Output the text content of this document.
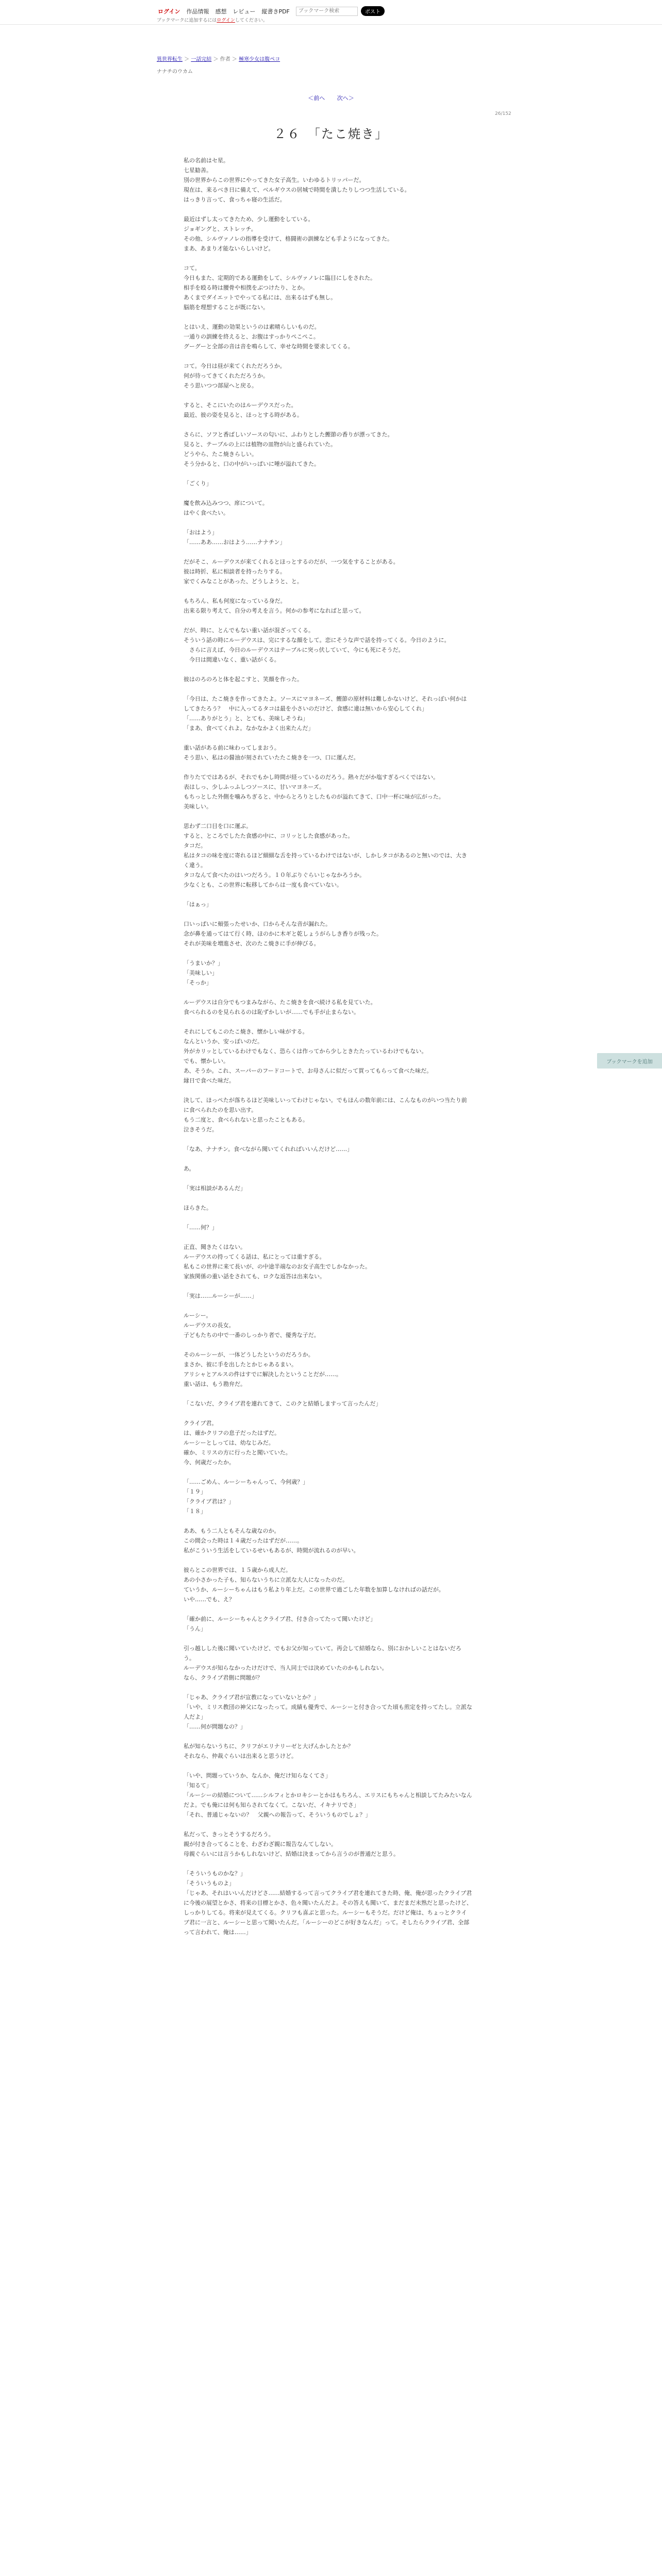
ログイン	作品情報	感想	レビュー	縦書きPDF
ブックマーク検索	ポスト
ブックマークに追加するにはログインしてください。
異世界転生 ＞ 一話完結 ＞ 作者 ＞ 極寒少女は腹ペコ
ナナチのウカム
＜前へ 次へ＞
26/152
２６　「たこ焼き」

私の名前はセ星。

七星勧善。

別の世界からこの世界にやってきた女子高生。いわゆるトリッパーだ。

現在は、来るべき日に備えて、ベルギウスの居城で時間を潰したりしつつ生活している。

はっきり言って、食っちゃ寝の生活だ。

最近はずし太ってきたため、少し運動をしている。

ジョギングと、ストレッチ。

その他、シルヴァノレの指導を受けて、格闘術の訓練なども手ようになってきた。

まあ、あまり才能ないらしいけど。

コて。

今日もまた、定期的である運動をして、シルヴァノレに臨目にしをされた。

相手を殴る時は腰骨や相撲をぶつけたり、とか。

あくまでダイエットでやってる私には、出来るはずも無し。

脳筋を理想することが既にない。

とはいえ、運動の効果というのは素晴らしいものだ。

一通りの訓練を終えると、お腹はすっかりぺこぺこ。

グーグーと全部の音は音を鳴らして、幸せな時間を要求してくる。

コて。今日は昼が来てくれただろうか。

何が待ってきてくれただろうか。

そう思いつつ部屋へと戻る。

すると、そこにいたのはルーデウスだった。

最近、彼の姿を見ると、ほっとする時がある。

さらに、ソフと香ばしいソースの匂いに、ふわりとした鰹節の香りが漂ってきた。

見ると、テーブルの上には植物の皿物が山と盛られていた。

どうやら、たこ焼きらしい。

そう分かると、口の中がいっぱいに唾が溢れてきた。

「ごくり」

魔を飲み込みつつ、席について。

はやく食べたい。

「おはよう」

「……ああ……おはよう……ナナチン」

だがそこ、ルーデウスが来てくれるとほっとするのだが、一つ気をすることがある。

彼は時折、私に相談者を持ったりする。

家でくみなことがあった、どうしようと、と。

もちろん、私も何度になっている身だ。

出来る限り考えて、自分の考えを言う。何かの参考になればと思って。

だが、時に、とんでもない重い話が混ざってくる。

そういう話の時にルーデウスは、完にするな顔をして。恋にそうな声で話を持ってくる。今日のように。

　さらに言えば、今日のルーデウスはテーブルに突っ伏していて、今にも死にそうだ。

　今日は間違いなく、重い話がくる。

彼はのろのろと体を起こすと、笑顔を作った。

「今日は、たこ焼きを作ってきたよ。ソースにマヨネーズ、鰹節の原材料は難しかないけど、それっぽい何かはしてきたろう？　中に入ってるタコは最を小さいのだけど、食感に違は無いから安心してくれ」

「……ありがとう」と、とても、美味しそうね」

「まあ、食べてくれよ。なかなかよく出来たんだ」

重い話がある前に味わってしまおう。

そう思い、私はの醤油が刻されていたたこ焼きを一つ、口に運んだ。

作りたてではあるが、それでもかし時間が経っているのだろう。熱々だがか塩すぎるべくではない。

表はしっ、少しふっふしつソースに、甘いマヨネーズ。

もちっとした外側を噛みちぎると、中からとろりとしたものが溢れてきて、口中一杯に味が広がった。

美味しい。

思わず二口目を口に運ぶ。

すると、ところでしたた食感の中に、コリッとした食感があった。

タコだ。

私はタコの味を度に寄れるほど細細な舌を持っているわけではないが、しかしタコがあるのと無いのでは、大きく違う。

タコなんて食べたのはいつだろう。１０年ぶりぐらいじゃなかろうか。

少なくとも、この世界に転移してからは一度も食べていない。

「はぁっ」

口いっぱいに頬張ったせいか、口からそんな音が漏れた。

念が鼻を通ってはて行く時、ほのかに木ギと乾しょうがらしき香りが残った。

それが美味を増進させ、次のたこ焼きに手が伸びる。

「うまいか？」

「美味しい」

「そっか」

ルーデウスは自分でもつまみながら、たこ焼きを食べ続ける私を見ていた。

食べられるのを見られるのは恥ずかしいが……でも手が止まらない。

それにしてもこのたこ焼き、懐かしい味がする。

なんというか、安っぽいのだ。

外がカリッとしているわけでもなく、恐らくは作ってから少しときたたっているわけでもない。

でも、懐かしい。

あ、そうか。これ、スーパーのフードコートで、お母さんに似だって買ってもらって食べた味だ。

縁日で食べた味だ。

決して、ほっぺたが落ちるほど美味しいってわけじゃない。でもほんの数年前には、こんなものがいつ当たり前に食べられたのを思い出す。

もう二度と、食べられないと思ったこともある。

泣きそうだ。

「なあ、ナナチン。食べながら聞いてくれればいいんだけど……」

あ。

「実は相談があるんだ」

ほらきた。

「……何？」

正直、聞きたくはない。

ルーデウスの持ってくる話は、私にとっては重すぎる。

私もこの世界に来て長いが、の中途半端なのお女子高生でしかなかった。

家族関係の重い話をされても、ロクな返答は出来ない。

「実は……ルーシーが……」

ルーシー。

ルーデウスの長女。

子どもたちの中で一番のしっかり者で、優秀な子だ。

そのルーシーが、一体どうしたというのだろうか。

まさか、彼に手を出したとかじゃあるまい。

アリシャとアルスの件はすでに解決したということだが……。

重い話は、もう勘弁だ。

「こないだ、クライブ君を連れてきて、このクと結婚しますって言ったんだ」

クライブ君。

は、確かクリフの息子だったはずだ。

ルーシーとしっては、幼なじみだ。

確か、ミリスの方に行ったと聞いていた。

今、何歳だったか。

「……ごめん、ルーシーちゃんって、今何歳？」

「１９」

「クライブ君は？」

「１８」

ああ、もう二人ともそんな歳なのか。

この間会った時は１４歳だったはずだが……。

私がこういう生活をしているせいもあるが、時間が流れるのが早い。

彼らとこの世界では、１５歳から成人だ。

あの小さかった子も、知らないうちに立派な大人になったのだ。

ていうか、ルーシーちゃんはもう私より年上だ。この世界で過ごした年数を加算しなければの話だが。

いや……でも、え？

「確か前に、ルーシーちゃんとクライブ君、付き合ってたって聞いたけど」

「うん」

引っ越しした後に聞いていたけど、でもお父が知っていて。再会して結婚なら、別におかしいことはないだろう。

ルーデウスが知らなかったけだけで、当人同士では決めていたのかもしれない。

なら、クライブ君側に問題が？

「じゃあ、クライブ君が宣教になっていないとか？」

「いや、ミリス教団の神父になったって。成績も優秀で、ルーシーと付き合ってた頃も煎定を持ってたし。立派な人だよ」

「……何が問題なの？」

私が知らないうちに、クリフがエリナリーゼと大げんかしたとか？

それなら、仲裁ぐらいは出来ると思うけど。

「いや、問題っていうか、なんか、俺だけ知らなくてさ」

「知るて」

「ルーシーの結婚について……シルフィとかロキシーとかはもちろん、エリスにもちゃんと相談してたみたいなんだよ。でも俺には何も知らされてなくて。こないだ、イキナリでさ」

「それ、普通じゃないの？　父親への報告って、そういうものでしょ？」

私だって、きっとそうするだろう。

親が付き合ってることを、わざわざ親に報告なんてしない。

母親ぐらいには言うかもしれないけど、結婚は決まってから言うのが普通だと思う。

「そういうものかな？」

「そういうものよ」

「じゃあ、それはいいんだけどさ……結婚するって言ってクライブ君を連れてきた時、俺、俺が思ったクライブ君に今後の展望とかさ、将来の目標とかさ、色々聞いたんだよ。その答えも聞いて、まだまだ未熟だと思ったけど、しっかりしてる。将来が見えてくる。クリフも喜ぶと思った。ルーシーもそうだ。だけど俺は、ちょっとクライブ君に一言と、ルーシーと思って聞いたんだ。「ルーシーのどこが好きなんだ」って。そしたらクライブ君、全部って言われて、俺は……」

ブックマークを追加
